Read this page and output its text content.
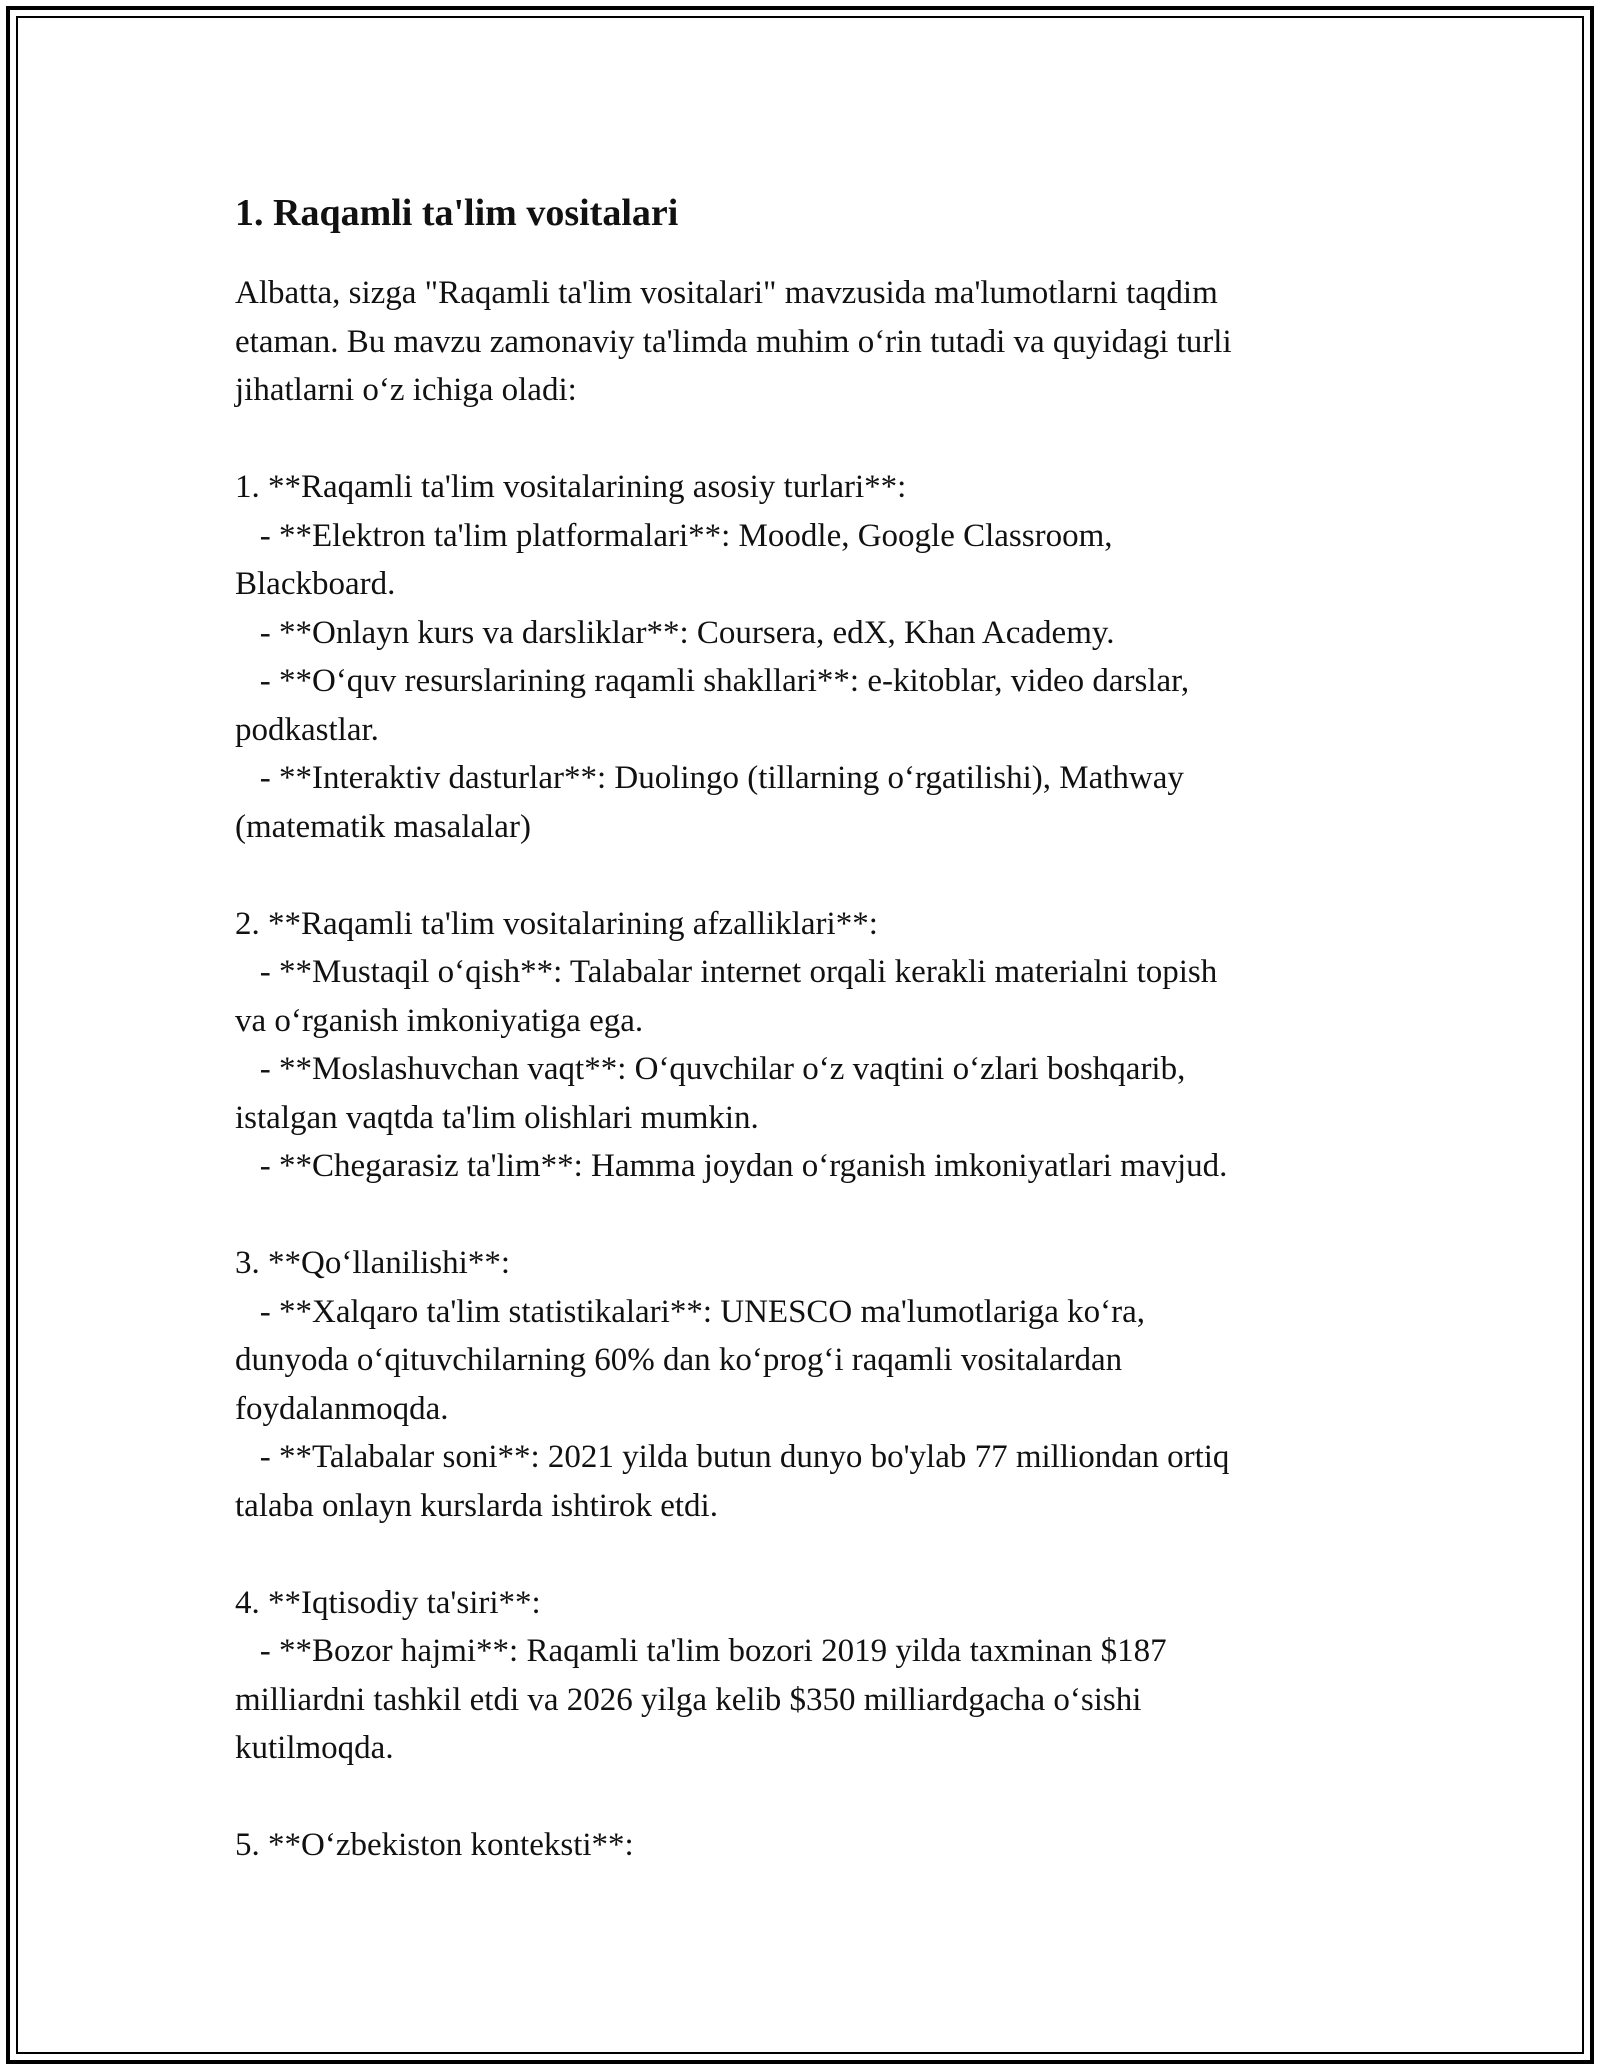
1. Raqamli ta'lim vositalari

Albatta, sizga "Raqamli ta'lim vositalari" mavzusida ma'lumotlarni taqdim
etaman. Bu mavzu zamonaviy ta'limda muhim oʻrin tutadi va quyidagi turli
jihatlarni oʻz ichiga oladi:

1. **Raqamli ta'lim vositalarining asosiy turlari**:
- **Elektron ta'lim platformalari**: Moodle, Google Classroom,
Blackboard.
- **Onlayn kurs va darsliklar**: Coursera, edX, Khan Academy.
- **Oʻquv resurslarining raqamli shakllari**: e-kitoblar, video darslar,
podkastlar.
- **Interaktiv dasturlar**: Duolingo (tillarning oʻrgatilishi), Mathway
(matematik masalalar)

2. **Raqamli ta'lim vositalarining afzalliklari**:
- **Mustaqil oʻqish**: Talabalar internet orqali kerakli materialni topish
va oʻrganish imkoniyatiga ega.
- **Moslashuvchan vaqt**: Oʻquvchilar oʻz vaqtini oʻzlari boshqarib,
istalgan vaqtda ta'lim olishlari mumkin.
- **Chegarasiz ta'lim**: Hamma joydan oʻrganish imkoniyatlari mavjud.

3. **Qoʻllanilishi**:
- **Xalqaro ta'lim statistikalari**: UNESCO ma'lumotlariga koʻra,
dunyoda oʻqituvchilarning 60% dan koʻprogʻi raqamli vositalardan
foydalanmoqda.
- **Talabalar soni**: 2021 yilda butun dunyo bo'ylab 77 milliondan ortiq
talaba onlayn kurslarda ishtirok etdi.

4. **Iqtisodiy ta'siri**:
- **Bozor hajmi**: Raqamli ta'lim bozori 2019 yilda taxminan $187
milliardni tashkil etdi va 2026 yilga kelib $350 milliardgacha oʻsishi
kutilmoqda.

5. **Oʻzbekiston konteksti**:
